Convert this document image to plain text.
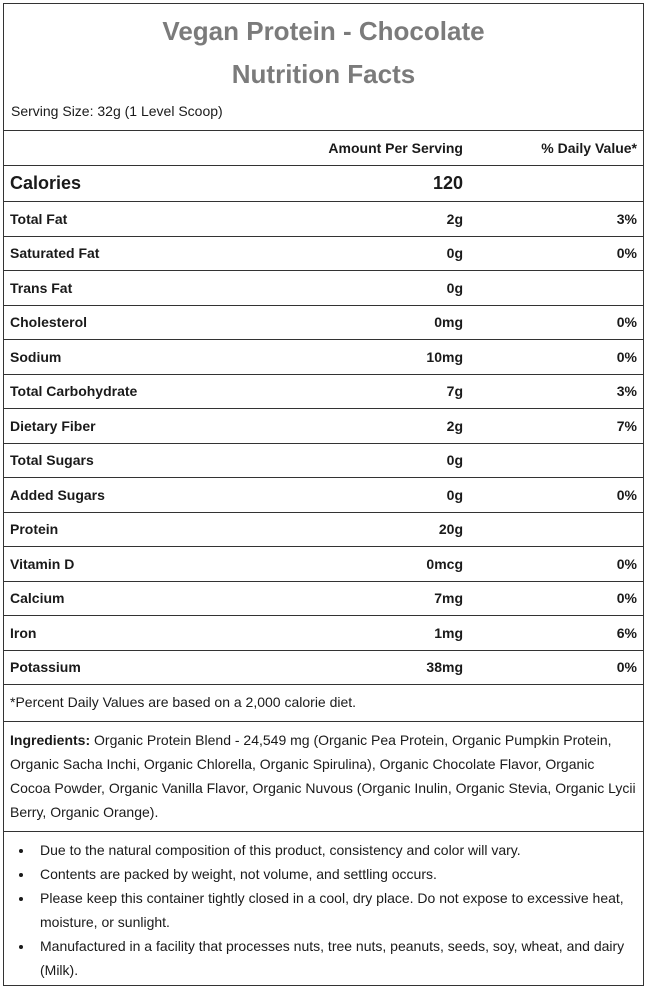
Vegan Protein - Chocolate
Nutrition Facts
Serving Size: 32g (1 Level Scoop)
Amount Per Serving	% Daily Value*
Calories	120
Total Fat	2g	3%
Saturated Fat	0g	0%
Trans Fat	0g
Cholesterol	0mg	0%
Sodium	10mg	0%
Total Carbohydrate	7g	3%
Dietary Fiber	2g	7%
Total Sugars	0g
Added Sugars	0g	0%
Protein	20g
Vitamin D	0mcg	0%
Calcium	7mg	0%
Iron	1mg	6%
Potassium	38mg	0%
*Percent Daily Values are based on a 2,000 calorie diet.
Ingredients: Organic Protein Blend - 24,549 mg (Organic Pea Protein, Organic Pumpkin Protein, Organic Sacha Inchi, Organic Chlorella, Organic Spirulina), Organic Chocolate Flavor, Organic Cocoa Powder, Organic Vanilla Flavor, Organic Nuvous (Organic Inulin, Organic Stevia, Organic Lycii Berry, Organic Orange).
• Due to the natural composition of this product, consistency and color will vary.
• Contents are packed by weight, not volume, and settling occurs.
• Please keep this container tightly closed in a cool, dry place. Do not expose to excessive heat, moisture, or sunlight.
• Manufactured in a facility that processes nuts, tree nuts, peanuts, seeds, soy, wheat, and dairy (Milk).
